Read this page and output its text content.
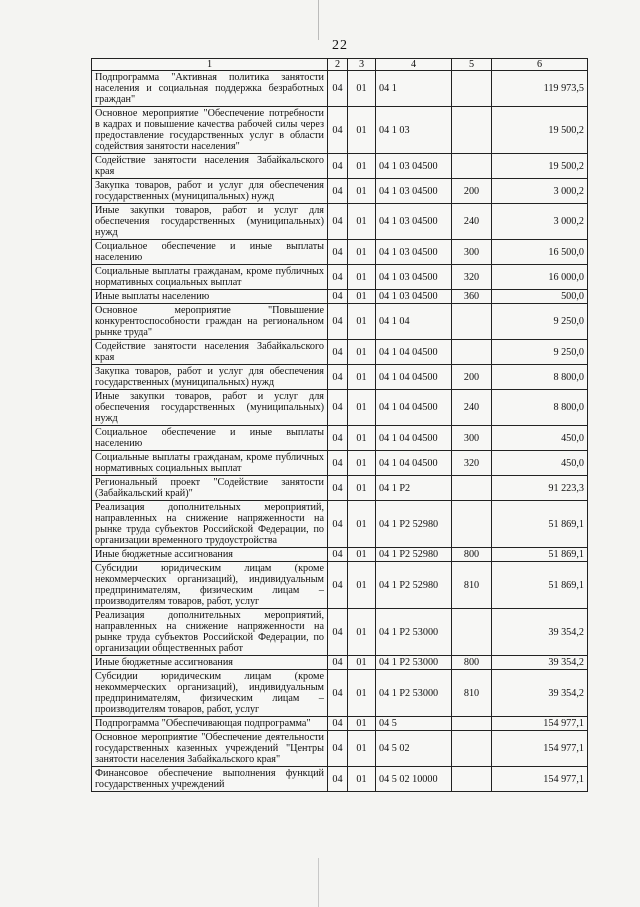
22
1	2	3	4	5	6
Подпрограмма "Активная политика занятости населения и социальная поддержка безработных граждан"	04	01	04 1		119 973,5
Основное мероприятие "Обеспечение потребности в кадрах и повышение качества рабочей силы через предоставление государственных услуг в области содействия занятости населения"	04	01	04 1 03		19 500,2
Содействие занятости населения Забайкальского края	04	01	04 1 03 04500		19 500,2
Закупка товаров, работ и услуг для обеспечения государственных (муниципальных) нужд	04	01	04 1 03 04500	200	3 000,2
Иные закупки товаров, работ и услуг для обеспечения государственных (муниципальных) нужд	04	01	04 1 03 04500	240	3 000,2
Социальное обеспечение и иные выплаты населению	04	01	04 1 03 04500	300	16 500,0
Социальные выплаты гражданам, кроме публичных нормативных социальных выплат	04	01	04 1 03 04500	320	16 000,0
Иные выплаты населению	04	01	04 1 03 04500	360	500,0
Основное мероприятие "Повышение конкурентоспособности граждан на региональном рынке труда"	04	01	04 1 04		9 250,0
Содействие занятости населения Забайкальского края	04	01	04 1 04 04500		9 250,0
Закупка товаров, работ и услуг для обеспечения государственных (муниципальных) нужд	04	01	04 1 04 04500	200	8 800,0
Иные закупки товаров, работ и услуг для обеспечения государственных (муниципальных) нужд	04	01	04 1 04 04500	240	8 800,0
Социальное обеспечение и иные выплаты населению	04	01	04 1 04 04500	300	450,0
Социальные выплаты гражданам, кроме публичных нормативных социальных выплат	04	01	04 1 04 04500	320	450,0
Региональный проект "Содействие занятости (Забайкальский край)"	04	01	04 1 P2		91 223,3
Реализация дополнительных мероприятий, направленных на снижение напряженности на рынке труда субъектов Российской Федерации, по организации временного трудоустройства	04	01	04 1 P2 52980		51 869,1
Иные бюджетные ассигнования	04	01	04 1 P2 52980	800	51 869,1
Субсидии юридическим лицам (кроме некоммерческих организаций), индивидуальным предпринимателям, физическим лицам – производителям товаров, работ, услуг	04	01	04 1 P2 52980	810	51 869,1
Реализация дополнительных мероприятий, направленных на снижение напряженности на рынке труда субъектов Российской Федерации, по организации общественных работ	04	01	04 1 P2 53000		39 354,2
Иные бюджетные ассигнования	04	01	04 1 P2 53000	800	39 354,2
Субсидии юридическим лицам (кроме некоммерческих организаций), индивидуальным предпринимателям, физическим лицам – производителям товаров, работ, услуг	04	01	04 1 P2 53000	810	39 354,2
Подпрограмма "Обеспечивающая подпрограмма"	04	01	04 5		154 977,1
Основное мероприятие "Обеспечение деятельности государственных казенных учреждений "Центры занятости населения Забайкальского края"	04	01	04 5 02		154 977,1
Финансовое обеспечение выполнения функций государственных учреждений	04	01	04 5 02 10000		154 977,1
